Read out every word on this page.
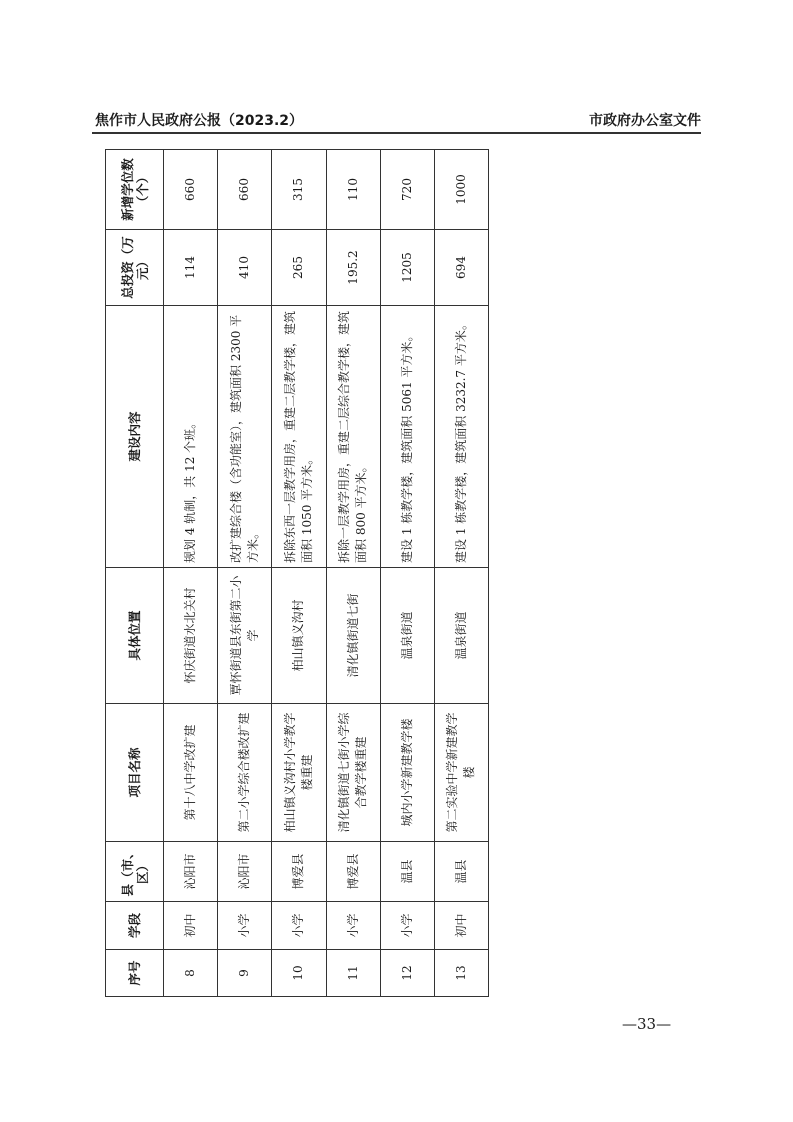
焦作市人民政府公报（2023.2）	市政府办公室文件
序号	学段	县（市、区）	项目名称	具体位置	建设内容	总投资（万元）	新增学位数（个）
8	初中	沁阳市	第十八中学改扩建	怀庆街道水北关村	规划 4 轨制，共 12 个班。	114	660
9	小学	沁阳市	第二小学综合楼改扩建	覃怀街道县东街第二小学	改扩建综合楼（含功能室），建筑面积 2300 平方米。	410	660
10	小学	博爱县	柏山镇义沟村小学教学楼重建	柏山镇义沟村	拆除东西一层教学用房，重建二层教学楼，建筑面积 1050 平方米。	265	315
11	小学	博爱县	清化镇街道七街小学综合教学楼重建	清化镇街道七街	拆除一层教学用房，重建二层综合教学楼，建筑面积 800 平方米。	195.2	110
12	小学	温县	城内小学新建教学楼	温泉街道	建设 1 栋教学楼，建筑面积 5061 平方米。	1205	720
13	初中	温县	第二实验中学新建教学楼	温泉街道	建设 1 栋教学楼，建筑面积 3232.7 平方米。	694	1000
—33—
